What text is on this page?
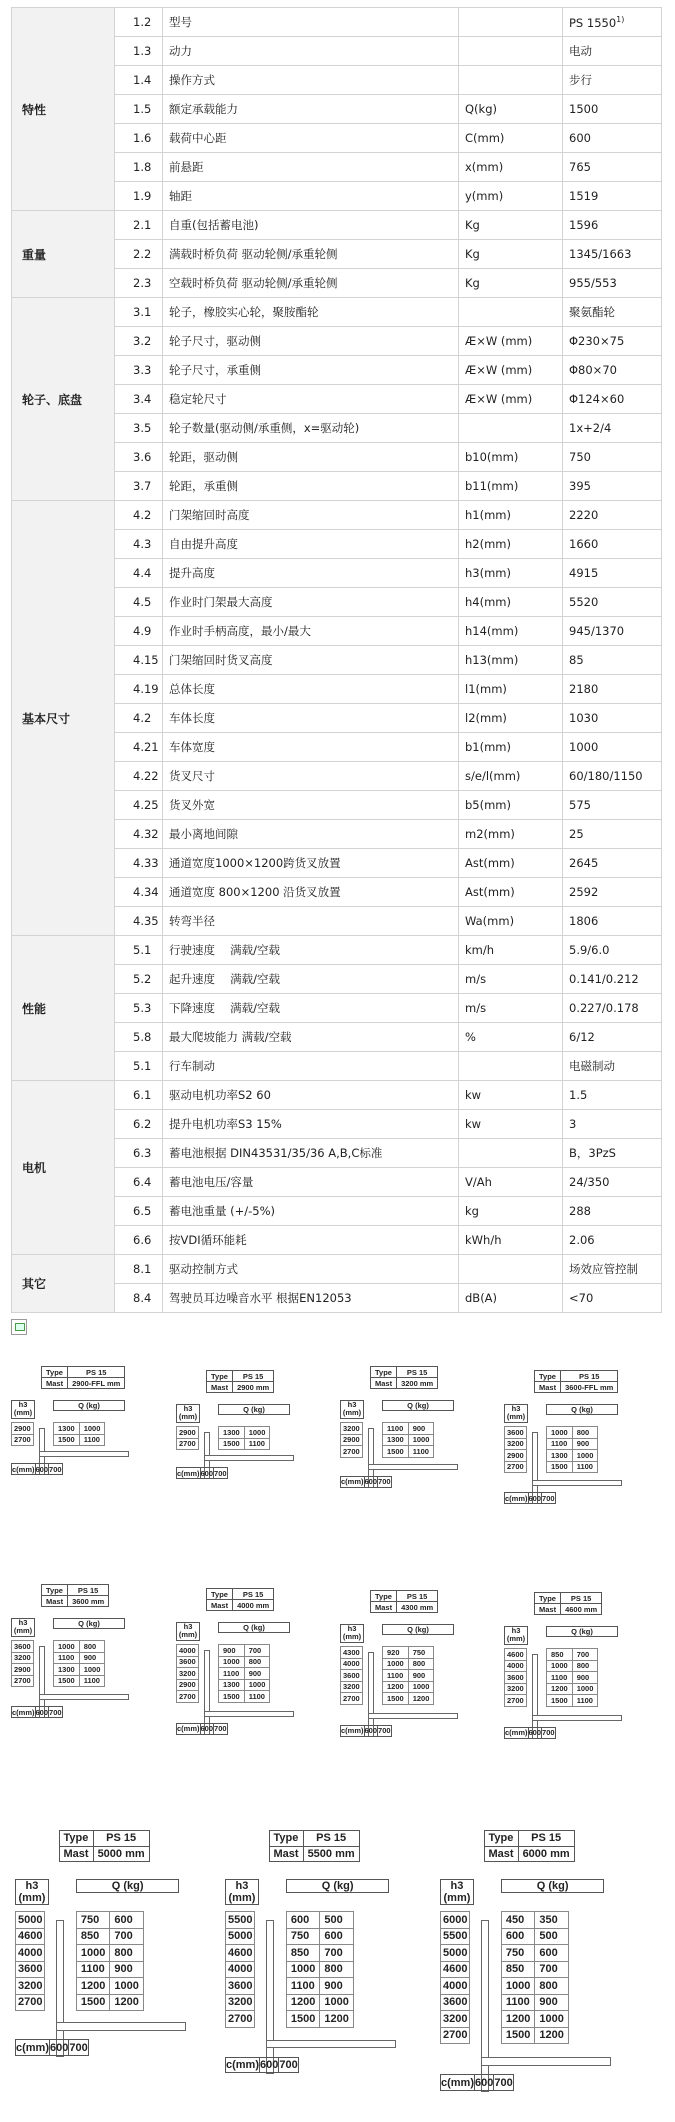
特性	1.2	型号		PS 1550$^{1)}$
	1.3	动力		电动
	1.4	操作方式		步行
	1.5	额定承载能力	Q(kg)	1500
	1.6	载荷中心距	C(mm)	600
	1.8	前悬距	x(mm)	765
	1.9	轴距	y(mm)	1519
重量	2.1	自重(包括蓄电池)	Kg	1596
	2.2	满载时桥负荷 驱动轮侧/承重轮侧	Kg	1345/1663
	2.3	空载时桥负荷 驱动轮侧/承重轮侧	Kg	955/553
轮子、底盘	3.1	轮子，橡胶实心轮，聚胺酯轮		聚氨酯轮
	3.2	轮子尺寸，驱动侧	Æ×W (mm)	Φ230×75
	3.3	轮子尺寸，承重侧	Æ×W (mm)	Φ80×70
	3.4	稳定轮尺寸	Æ×W (mm)	Φ124×60
	3.5	轮子数量(驱动侧/承重侧，x=驱动轮)		1x+2/4
	3.6	轮距，驱动侧	b10(mm)	750
	3.7	轮距，承重侧	b11(mm)	395
基本尺寸	4.2	门架缩回时高度	h1(mm)	2220
	4.3	自由提升高度	h2(mm)	1660
	4.4	提升高度	h3(mm)	4915
	4.5	作业时门架最大高度	h4(mm)	5520
	4.9	作业时手柄高度，最小/最大	h14(mm)	945/1370
	4.15	门架缩回时货叉高度	h13(mm)	85
	4.19	总体长度	l1(mm)	2180
	4.2	车体长度	l2(mm)	1030
	4.21	车体宽度	b1(mm)	1000
	4.22	货叉尺寸	s/e/l(mm)	60/180/1150
	4.25	货叉外宽	b5(mm)	575
	4.32	最小离地间隙	m2(mm)	25
	4.33	通道宽度1000×1200跨货叉放置	Ast(mm)	2645
	4.34	通道宽度 800×1200 沿货叉放置	Ast(mm)	2592
	4.35	转弯半径	Wa(mm)	1806
性能	5.1	行驶速度　 满载/空载	km/h	5.9/6.0
	5.2	起升速度　 满载/空载	m/s	0.141/0.212
	5.3	下降速度　 满载/空载	m/s	0.227/0.178
	5.8	最大爬坡能力 满载/空载	%	6/12
	5.1	行车制动		电磁制动
电机	6.1	驱动电机功率S2 60	kw	1.5
	6.2	提升电机功率S3 15%	kw	3
	6.3	蓄电池根据 DIN43531/35/36 A,B,C标准		B，3PzS
	6.4	蓄电池电压/容量	V/Ah	24/350
	6.5	蓄电池重量 (+/-5%)	kg	288
	6.6	按VDI循环能耗	kWh/h	2.06
其它	8.1	驱动控制方式		场效应管控制
	8.4	驾驶员耳边噪音水平 根据EN12053	dB(A)	<70
Type	PS 15
Mast	2900-FFL mm
h3
(mm)
2900
2700
Q (kg)
1300	1000
1500	1100
c(mm)	600	700
Type	PS 15
Mast	2900 mm
h3
(mm)
2900
2700
Q (kg)
1300	1000
1500	1100
c(mm)	600	700
Type	PS 15
Mast	3200 mm
h3
(mm)
3200
2900
2700
Q (kg)
1100	900
1300	1000
1500	1100
c(mm)	600	700
Type	PS 15
Mast	3600-FFL mm
h3
(mm)
3600
3200
2900
2700
Q (kg)
1000	800
1100	900
1300	1000
1500	1100
c(mm)	600	700
Type	PS 15
Mast	3600 mm
h3
(mm)
3600
3200
2900
2700
Q (kg)
1000	800
1100	900
1300	1000
1500	1100
c(mm)	600	700
Type	PS 15
Mast	4000 mm
h3
(mm)
4000
3600
3200
2900
2700
Q (kg)
900	700
1000	800
1100	900
1300	1000
1500	1100
c(mm)	600	700
Type	PS 15
Mast	4300 mm
h3
(mm)
4300
4000
3600
3200
2700
Q (kg)
920	750
1000	800
1100	900
1200	1000
1500	1200
c(mm)	600	700
Type	PS 15
Mast	4600 mm
h3
(mm)
4600
4000
3600
3200
2700
Q (kg)
850	700
1000	800
1100	900
1200	1000
1500	1100
c(mm)	600	700
Type	PS 15
Mast	5000 mm
h3
(mm)
5000
4600
4000
3600
3200
2700
Q (kg)
750	600
850	700
1000	800
1100	900
1200	1000
1500	1200
c(mm)	600	700
Type	PS 15
Mast	5500 mm
h3
(mm)
5500
5000
4600
4000
3600
3200
2700
Q (kg)
600	500
750	600
850	700
1000	800
1100	900
1200	1000
1500	1200
c(mm)	600	700
Type	PS 15
Mast	6000 mm
h3
(mm)
6000
5500
5000
4600
4000
3600
3200
2700
Q (kg)
450	350
600	500
750	600
850	700
1000	800
1100	900
1200	1000
1500	1200
c(mm)	600	700
